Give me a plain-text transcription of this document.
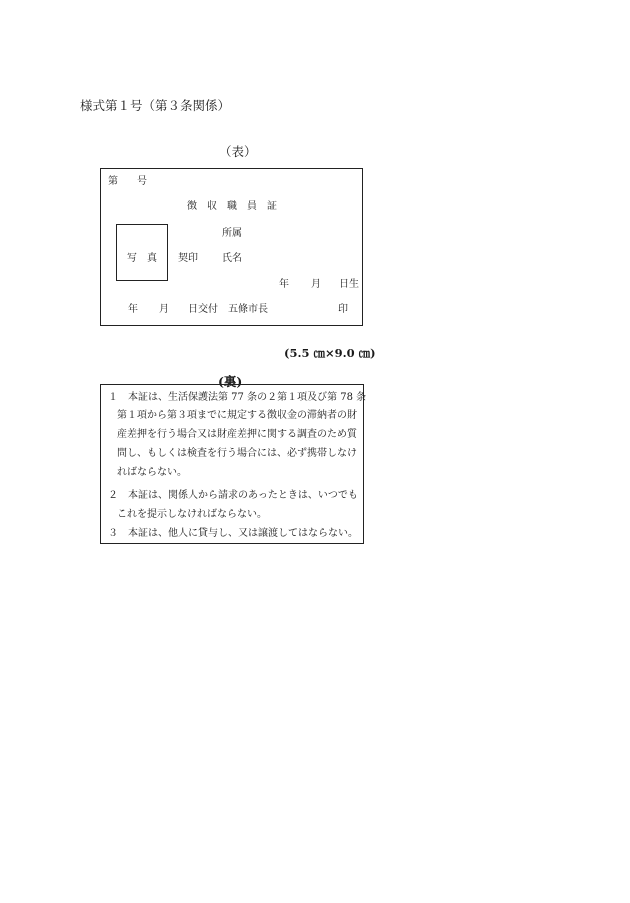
様式第１号（第３条関係）
（表）
第 号
徴　収　職　員　証
所属
写　真 契印 氏名
年 月 日生
年 月 日交付 五條市長	印
(5.5 ㎝×9.0 ㎝)
(裏)
１　本証は、生活保護法第 77 条の２第１項及び第 78 条
第１項から第３項までに規定する徴収金の滞納者の財
産差押を行う場合又は財産差押に関する調査のため質
問し、もしくは検査を行う場合には、必ず携帯しなけ
ればならない。
２　本証は、関係人から請求のあったときは、いつでも
これを提示しなければならない。
３　本証は、他人に貸与し、又は譲渡してはならない。
